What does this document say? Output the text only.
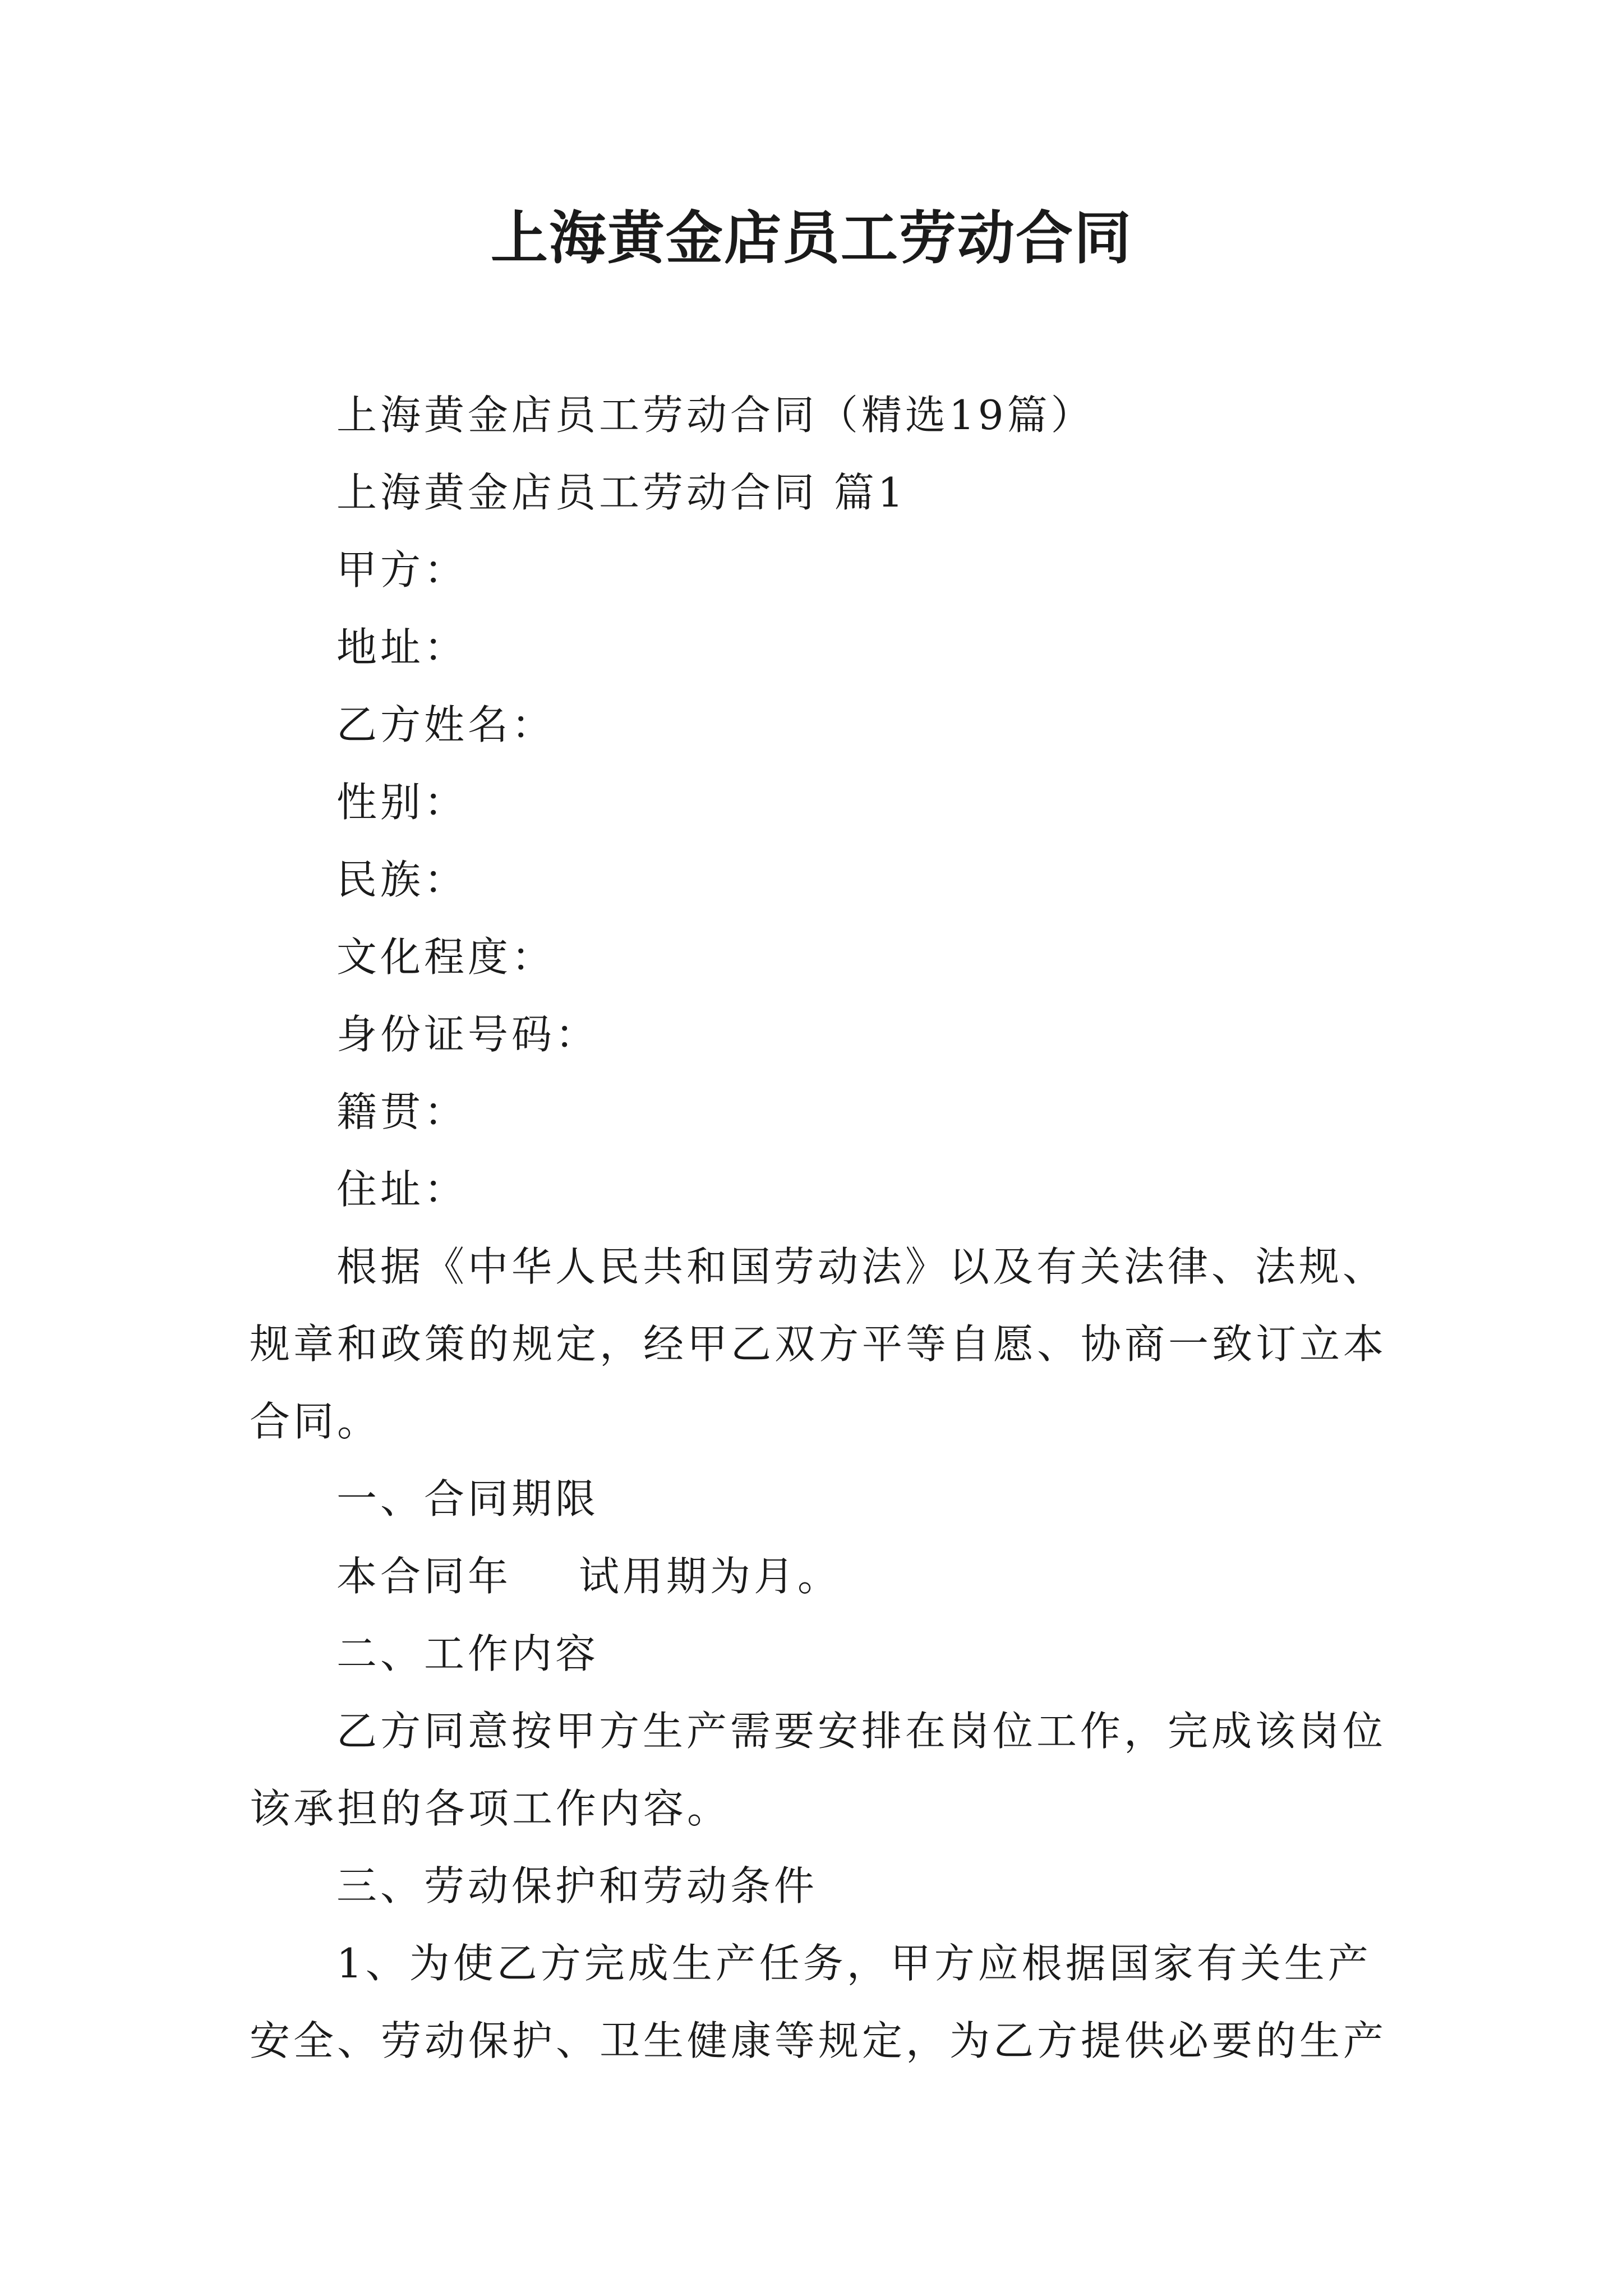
上海黄金店员工劳动合同
上海黄金店员工劳动合同（精选19篇）
上海黄金店员工劳动合同 篇1
甲方：
地址：
乙方姓名：
性别：
民族：
文化程度：
身份证号码：
籍贯：
住址：
根据《中华人民共和国劳动法》以及有关法律、法规、
规章和政策的规定，经甲乙双方平等自愿、协商一致订立本
合同。
一、合同期限
本合同年 试用期为月。
二、工作内容
乙方同意按甲方生产需要安排在岗位工作，完成该岗位
该承担的各项工作内容。
三、劳动保护和劳动条件
1、为使乙方完成生产任务，甲方应根据国家有关生产
安全、劳动保护、卫生健康等规定，为乙方提供必要的生产
